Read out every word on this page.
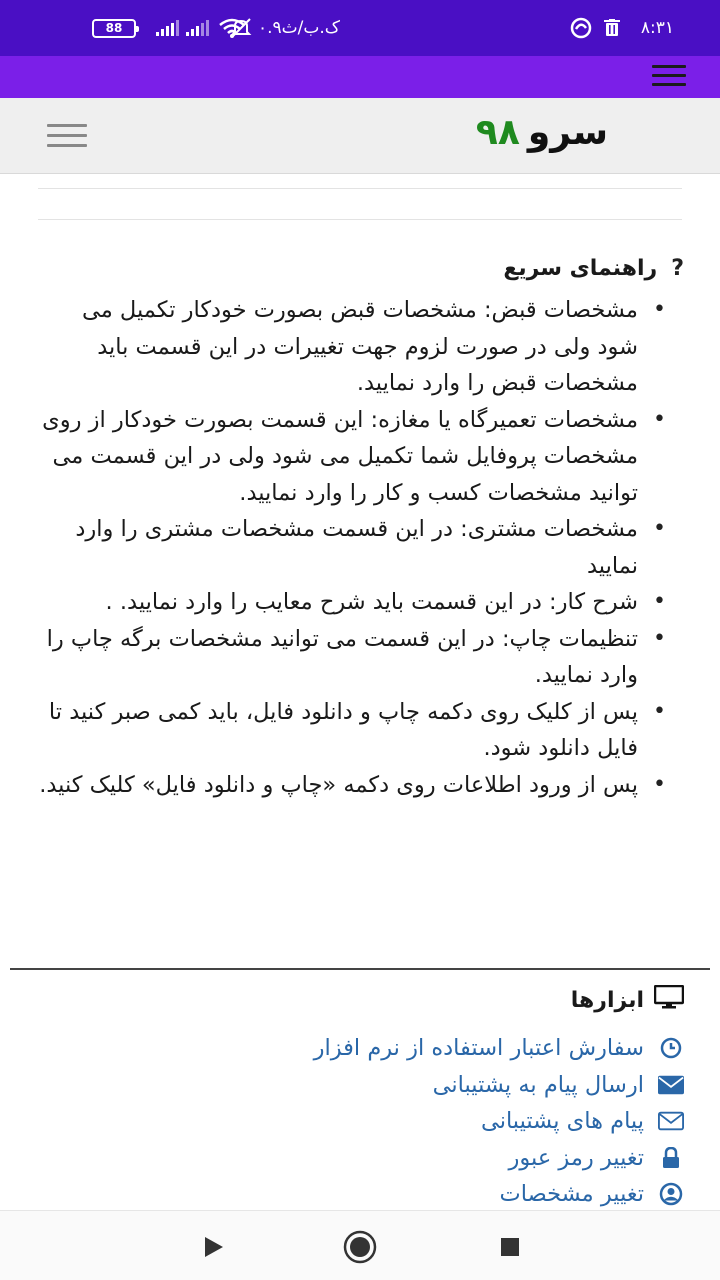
۸:۳۱
۰.۹ک.ب/ث
88
سرو
۹۸
?
راهنمای سریع
• مشخصات قبض: مشخصات قبض بصورت خودکار تکمیل می شود ولی در صورت لزوم جهت تغییرات در این قسمت باید مشخصات قبض را وارد نمایید.
• مشخصات تعمیرگاه یا مغازه: این قسمت بصورت خودکار از روی مشخصات پروفایل شما تکمیل می شود ولی در این قسمت می توانید مشخصات کسب و کار را وارد نمایید.
• مشخصات مشتری: در این قسمت مشخصات مشتری را وارد نمایید
• شرح کار: در این قسمت باید شرح معایب را وارد نمایید. .
• تنظیمات چاپ: در این قسمت می توانید مشخصات برگه چاپ را وارد نمایید.
• پس از کلیک روی دکمه چاپ و دانلود فایل، باید کمی صبر کنید تا فایل دانلود شود.
• پس از ورود اطلاعات روی دکمه «چاپ و دانلود فایل» کلیک کنید.
ابزارها
سفارش اعتبار استفاده از نرم افزار
ارسال پیام به پشتیبانی
پیام های پشتیبانی
تغییر رمز عبور
تغییر مشخصات
